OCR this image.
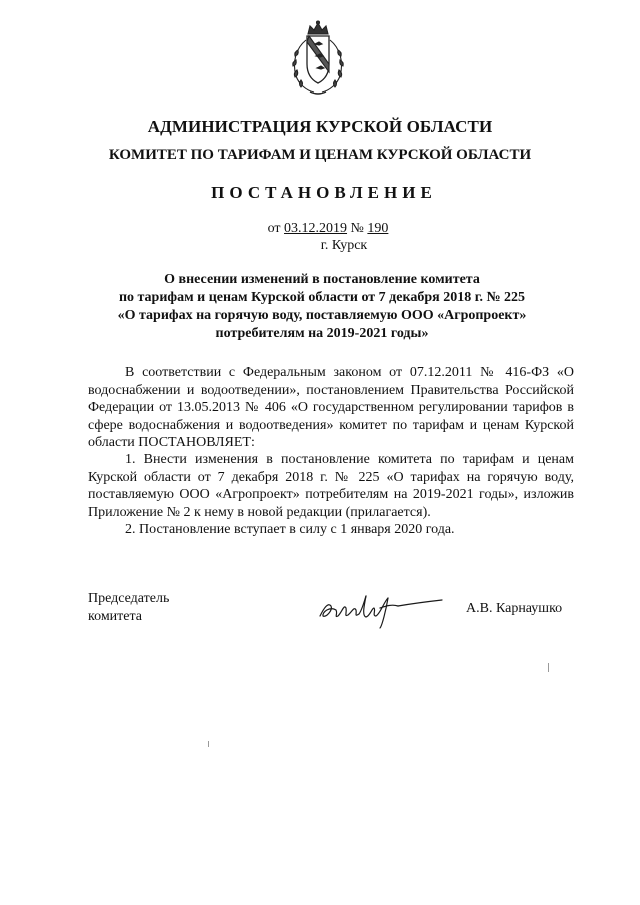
АДМИНИСТРАЦИЯ КУРСКОЙ ОБЛАСТИ
КОМИТЕТ ПО ТАРИФАМ И ЦЕНАМ КУРСКОЙ ОБЛАСТИ
ПОСТАНОВЛЕНИЕ
от 03.12.2019 № 190
г. Курск
О внесении изменений в постановление комитета
по тарифам и ценам Курской области от 7 декабря 2018 г. № 225
«О тарифах на горячую воду, поставляемую ООО «Агропроект»
потребителям на 2019-2021 годы»

В соответствии с Федеральным законом от 07.12.2011 № 416-ФЗ «О водоснабжении и водоотведении», постановлением Правительства Российской Федерации от 13.05.2013 № 406 «О государственном регулировании тарифов в сфере водоснабжения и водоотведения» комитет по тарифам и ценам Курской области ПОСТАНОВЛЯЕТ:

1. Внести изменения в постановление комитета по тарифам и ценам Курской области от 7 декабря 2018 г. № 225 «О тарифах на горячую воду, поставляемую ООО «Агропроект» потребителям на 2019-2021 годы», изложив Приложение № 2 к нему в новой редакции (прилагается).

2. Постановление вступает в силу с 1 января 2020 года.

Председатель
комитета
А.В. Карнаушко
